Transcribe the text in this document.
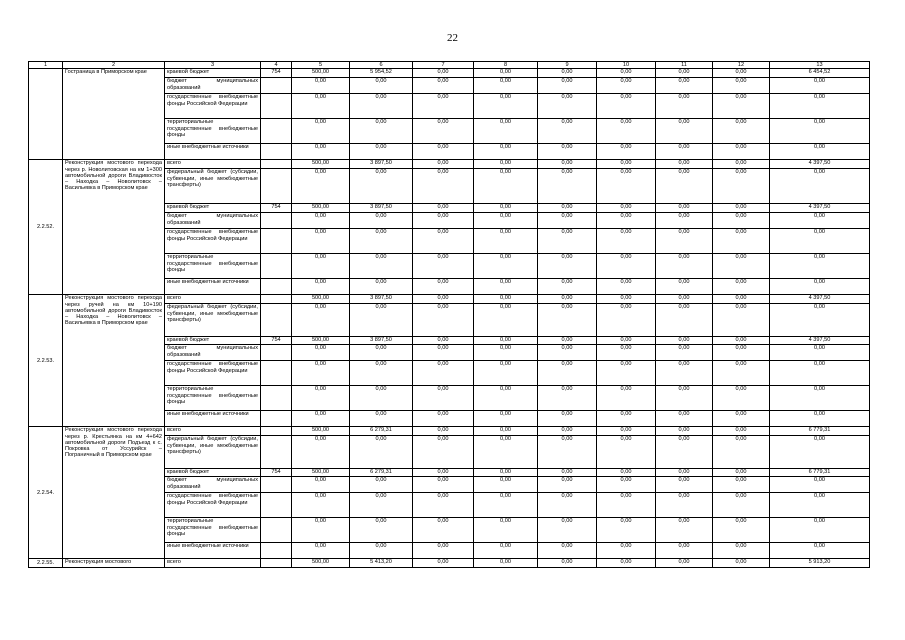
22
1	2	3	4	5	6	7	8	9	10	11	12	13
	Гостраница в Приморском крае	краевой бюджет	754	500,00	5 954,52	0,00	0,00	0,00	0,00	0,00	0,00	6 454,52
		бюджет муниципальных образований		0,00	0,00	0,00	0,00	0,00	0,00	0,00	0,00	0,00
		государственные внебюджетные фонды Российской Федерации		0,00	0,00	0,00	0,00	0,00	0,00	0,00	0,00	0,00
		территориальные государственные внебюджетные фонды		0,00	0,00	0,00	0,00	0,00	0,00	0,00	0,00	0,00
		иные внебюджетные источники		0,00	0,00	0,00	0,00	0,00	0,00	0,00	0,00	0,00
2.2.52.	Реконструкция мостового перехода через р. Новолитовская на км 1+300 автомобильной дороги Владивосток – Находка – Новолитовск – Васильевка в Приморском крае	всего		500,00	3 897,50	0,00	0,00	0,00	0,00	0,00	0,00	4 397,50
		федеральный бюджет (субсидии, субвенции, иные межбюджетные трансферты)		0,00	0,00	0,00	0,00	0,00	0,00	0,00	0,00	0,00
		краевой бюджет	754	500,00	3 897,50	0,00	0,00	0,00	0,00	0,00	0,00	4 397,50
		бюджет муниципальных образований		0,00	0,00	0,00	0,00	0,00	0,00	0,00	0,00	0,00
		государственные внебюджетные фонды Российской Федерации		0,00	0,00	0,00	0,00	0,00	0,00	0,00	0,00	0,00
		территориальные государственные внебюджетные фонды		0,00	0,00	0,00	0,00	0,00	0,00	0,00	0,00	0,00
		иные внебюджетные источники		0,00	0,00	0,00	0,00	0,00	0,00	0,00	0,00	0,00
2.2.53.	Реконструкция мостового перехода через ручей на км 10+190 автомобильной дороги Владивосток – Находка – Новолитовск – Васильевка в Приморском крае	всего		500,00	3 897,50	0,00	0,00	0,00	0,00	0,00	0,00	4 397,50
		федеральный бюджет (субсидии, субвенции, иные межбюджетные трансферты)		0,00	0,00	0,00	0,00	0,00	0,00	0,00	0,00	0,00
		краевой бюджет	754	500,00	3 897,50	0,00	0,00	0,00	0,00	0,00	0,00	4 397,50
		бюджет муниципальных образований		0,00	0,00	0,00	0,00	0,00	0,00	0,00	0,00	0,00
		государственные внебюджетные фонды Российской Федерации		0,00	0,00	0,00	0,00	0,00	0,00	0,00	0,00	0,00
		территориальные государственные внебюджетные фонды		0,00	0,00	0,00	0,00	0,00	0,00	0,00	0,00	0,00
		иные внебюджетные источники		0,00	0,00	0,00	0,00	0,00	0,00	0,00	0,00	0,00
2.2.54.	Реконструкция мостового перехода через р. Крестьянка на км 4+642 автомобильной дороги Подъезд к с. Покровка от Уссурийск – Пограничный в Приморском крае	всего		500,00	6 279,31	0,00	0,00	0,00	0,00	0,00	0,00	6 779,31
		федеральный бюджет (субсидии, субвенции, иные межбюджетные трансферты)		0,00	0,00	0,00	0,00	0,00	0,00	0,00	0,00	0,00
		краевой бюджет	754	500,00	6 279,31	0,00	0,00	0,00	0,00	0,00	0,00	6 779,31
		бюджет муниципальных образований		0,00	0,00	0,00	0,00	0,00	0,00	0,00	0,00	0,00
		государственные внебюджетные фонды Российской Федерации		0,00	0,00	0,00	0,00	0,00	0,00	0,00	0,00	0,00
		территориальные государственные внебюджетные фонды		0,00	0,00	0,00	0,00	0,00	0,00	0,00	0,00	0,00
		иные внебюджетные источники		0,00	0,00	0,00	0,00	0,00	0,00	0,00	0,00	0,00
2.2.55.	Реконструкция мостового	всего		500,00	5 413,20	0,00	0,00	0,00	0,00	0,00	0,00	5 913,20
